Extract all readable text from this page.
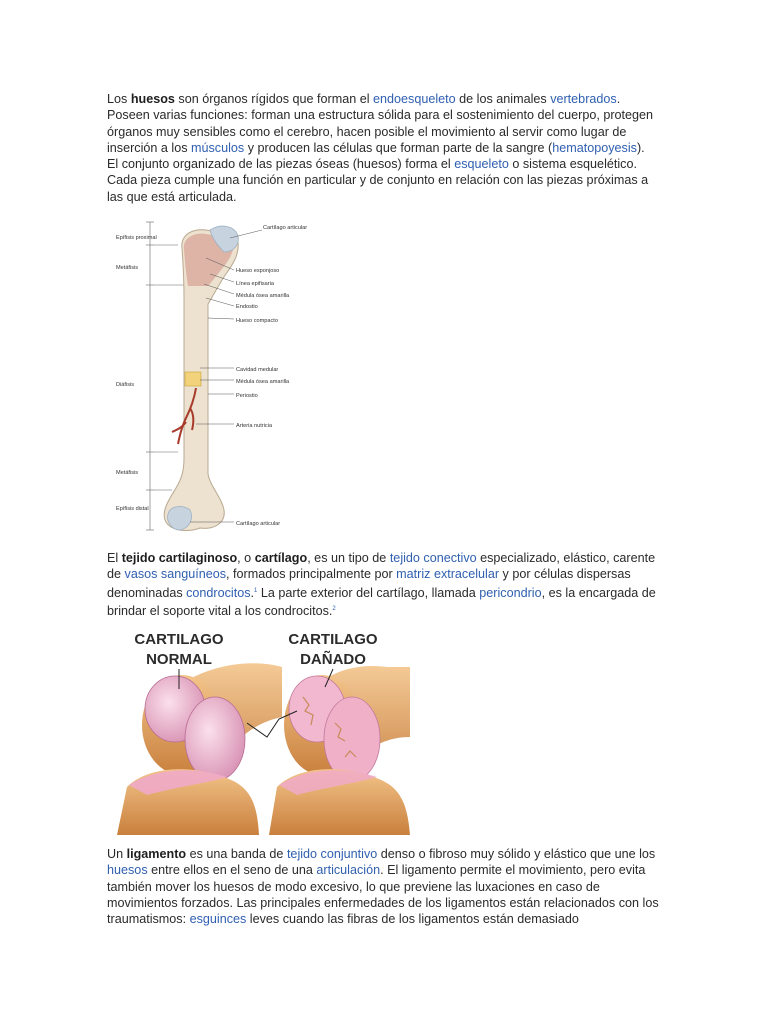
Los huesos son órganos rígidos que forman el endoesqueleto de los animales vertebrados. Poseen varias funciones: forman una estructura sólida para el sostenimiento del cuerpo, protegen órganos muy sensibles como el cerebro, hacen posible el movimiento al servir como lugar de inserción a los músculos y producen las células que forman parte de la sangre (hematopoyesis). El conjunto organizado de las piezas óseas (huesos) forma el esqueleto o sistema esquelético. Cada pieza cumple una función en particular y de conjunto en relación con las piezas próximas a las que está articulada.
Epífisis proximal
Metáfisis
Diáfisis
Metáfisis
Epífisis distal
Cartílago articular
Hueso esponjoso
Línea epifisaria
Médula ósea amarilla
Endostio
Hueso compacto
Cavidad medular
Médula ósea amarilla
Periostio
Arteria nutricia
Cartílago articular
El tejido cartilaginoso, o cartílago, es un tipo de tejido conectivo especializado, elástico, carente de vasos sanguíneos, formados principalmente por matriz extracelular y por células dispersas denominadas condrocitos.$^1$ La parte exterior del cartílago, llamada pericondrio, es la encargada de brindar el soporte vital a los condrocitos.$^2$
CARTILAGO
NORMAL
CARTILAGO
DAÑADO
Un ligamento es una banda de tejido conjuntivo denso o fibroso muy sólido y elástico que une los huesos entre ellos en el seno de una articulación. El ligamento permite el movimiento, pero evita también mover los huesos de modo excesivo, lo que previene las luxaciones en caso de movimientos forzados. Las principales enfermedades de los ligamentos están relacionados con los traumatismos: esguinces leves cuando las fibras de los ligamentos están demasiado
